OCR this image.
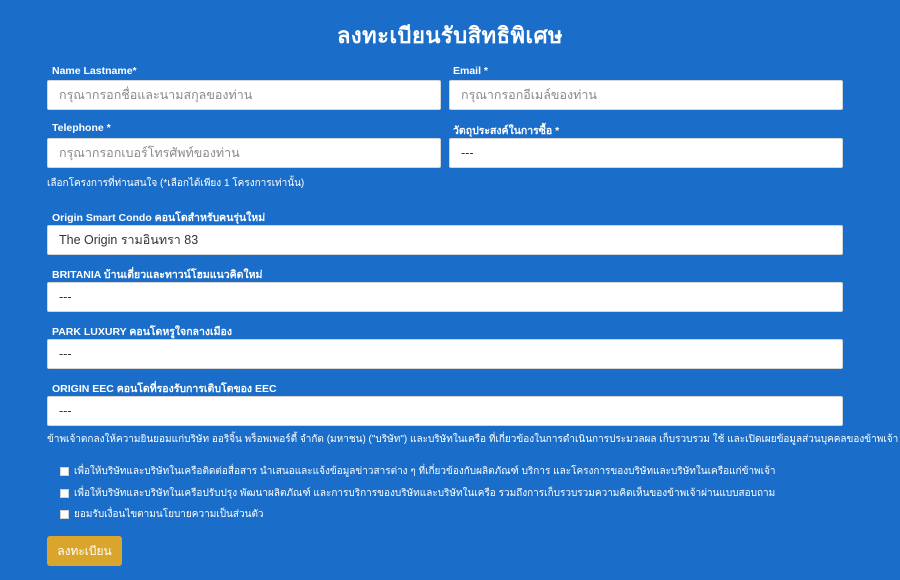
ลงทะเบียนรับสิทธิพิเศษ
Name Lastname*
กรุณากรอกชื่อและนามสกุลของท่าน
Email *
กรุณากรอกอีเมล์ของท่าน
Telephone *
กรุณากรอกเบอร์โทรศัพท์ของท่าน
วัตถุประสงค์ในการซื้อ *
---
เลือกโครงการที่ท่านสนใจ (*เลือกได้เพียง 1 โครงการเท่านั้น)
Origin Smart Condo คอนโดสำหรับคนรุ่นใหม่
The Origin รามอินทรา 83
BRITANIA บ้านเดี่ยวและทาวน์โฮมแนวคิดใหม่
---
PARK LUXURY คอนโดหรูใจกลางเมือง
---
ORIGIN EEC คอนโดที่รองรับการเติบโตของ EEC
---
ข้าพเจ้าตกลงให้ความยินยอมแก่บริษัท ออริจิ้น พร็อพเพอร์ตี้ จำกัด (มหาชน) ("บริษัท") และบริษัทในเครือ ที่เกี่ยวข้องในการดำเนินการประมวลผล เก็บรวบรวม ใช้ และเปิดเผยข้อมูลส่วนบุคคลของข้าพเจ้า
เพื่อให้บริษัทและบริษัทในเครือติดต่อสื่อสาร นำเสนอและแจ้งข้อมูลข่าวสารต่าง ๆ ที่เกี่ยวข้องกับผลิตภัณฑ์ บริการ และโครงการของบริษัทและบริษัทในเครือแก่ข้าพเจ้า
เพื่อให้บริษัทและบริษัทในเครือปรับปรุง พัฒนาผลิตภัณฑ์ และการบริการของบริษัทและบริษัทในเครือ รวมถึงการเก็บรวบรวมความคิดเห็นของข้าพเจ้าผ่านแบบสอบถาม
ยอมรับเงื่อนไขตามนโยบายความเป็นส่วนตัว
ลงทะเบียน
